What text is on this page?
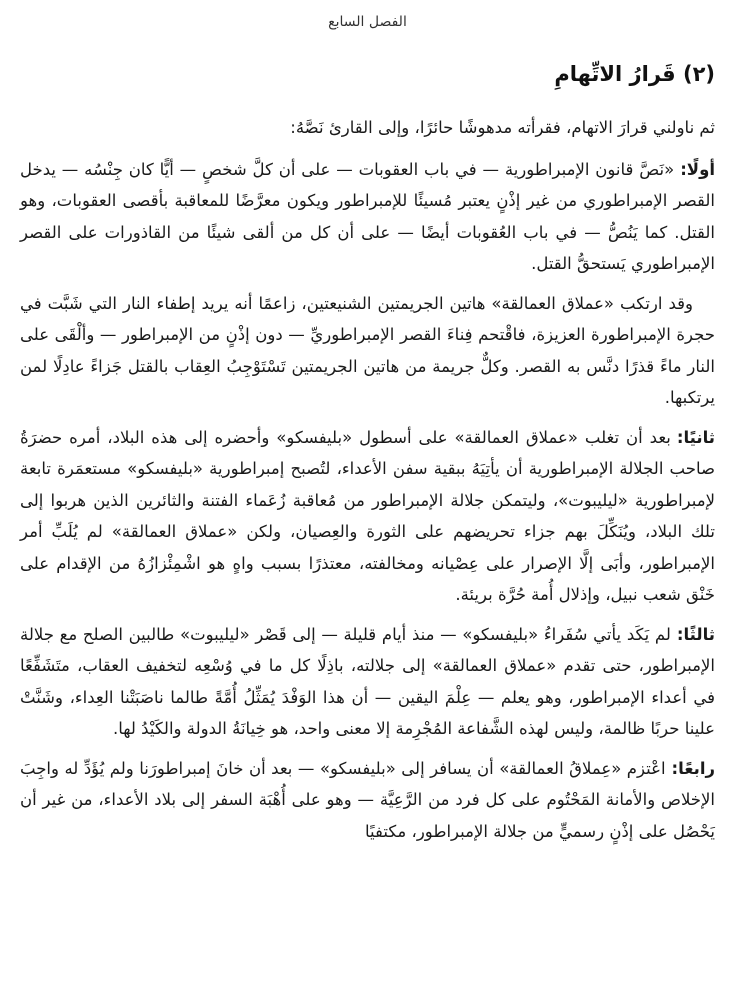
الفصل السابع
(٢) قَرارُ الاتِّهامِ

ثم ناولني قرارَ الاتهام، فقرأته مدهوشًا حائرًا، وإلى القارئ نَصَّهُ:

أولًا:«نَصَّ قانون الإمبراطورية — في باب العقوبات — على أن كلَّ شخصٍ — أيًّا كان جِنْسُه — يدخل القصر الإمبراطوري من غير إذْنٍ يعتبر مُسيئًا للإمبراطور ويكون معرَّضًا للمعاقبة بأقصى العقوبات، وهو القتل. كما يَنُصُّ — في باب العُقوبات أيضًا — على أن كل من ألقى شيئًا من القاذورات على القصر الإمبراطوري يَستحقُّ القتل.

وقد ارتكب «عملاق العمالقة» هاتين الجريمتين الشنيعتين، زاعمًا أنه يريد إطفاء النار التي شَبَّت في حجرة الإمبراطورة العزيزة، فاقْتحم فِناءَ القصر الإمبراطوريِّ — دون إذْنٍ من الإمبراطور — وألْقَى على النار ماءً قذرًا دنَّس به القصر. وكلٌّ جريمة من هاتين الجريمتين تَسْتَوْجِبُ العِقاب بالقتل جَزاءً عادِلًا لمن يرتكبها.

ثانيًا:بعد أن تغلب «عملاق العمالقة» على أسطول «بليفسكو» وأحضره إلى هذه البلاد، أمره حضرَةُ صاحب الجلالة الإمبراطورية أن يأتِيَهُ ببقية سفن الأعداء، لتُصبح إمبراطورية «بليفسكو» مستعمَرة تابعة لإمبراطورية «ليليبوت»، وليتمكن جلالة الإمبراطور من مُعاقبة زُعَماء الفتنة والثائرين الذين هربوا إلى تلك البلاد، ويُنَكِّلَ بهم جزاء تحريضهم على الثورة والعِصيان، ولكن «عملاق العمالقة» لم يُلَبِّ أمر الإمبراطور، وأبَى إلَّا الإصرار على عِصْيانه ومخالفته، معتذرًا بسبب واهٍ هو اشْمِئْزازُهُ من الإقدام على خَنْق شعب نبيل، وإذلال أُمة حُرَّة بريئة.

ثالثًا:لم يَكَد يأتي سُفَراءُ «بليفسكو» — منذ أيام قليلة — إلى قَصْر «ليليبوت» طالبين الصلح مع جلالة الإمبراطور، حتى تقدم «عملاق العمالقة» إلى جلالته، باذِلًا كل ما في وُسْعِه لتخفيف العقاب، متَشَفِّعًا في أعداء الإمبراطور، وهو يعلم — عِلْمَ اليقين — أن هذا الوَفْدَ يُمَثِّلُ أُمَّةً طالما ناصَبَتْنا العِداء، وشَنَّتْ علينا حربًا ظالمة، وليس لهذه الشَّفاعة المُجْرِمة إلا معنى واحد، هو خِيانَةُ الدولة والكَيْدُ لها.

رابعًا:اعْتزم «عِملاقُ العمالقة» أن يسافر إلى «بليفسكو» — بعد أن خانَ إمبراطورَنا ولم يُؤَدِّ له واجِبَ الإخلاص والأمانة المَحْتُوم على كل فرد من الرَّعِيَّة — وهو على أُهْبَة السفر إلى بلاد الأعداء، من غير أن يَحْصُل على إذْنٍ رسميٍّ من جلالة الإمبراطور، مكتفيًا
